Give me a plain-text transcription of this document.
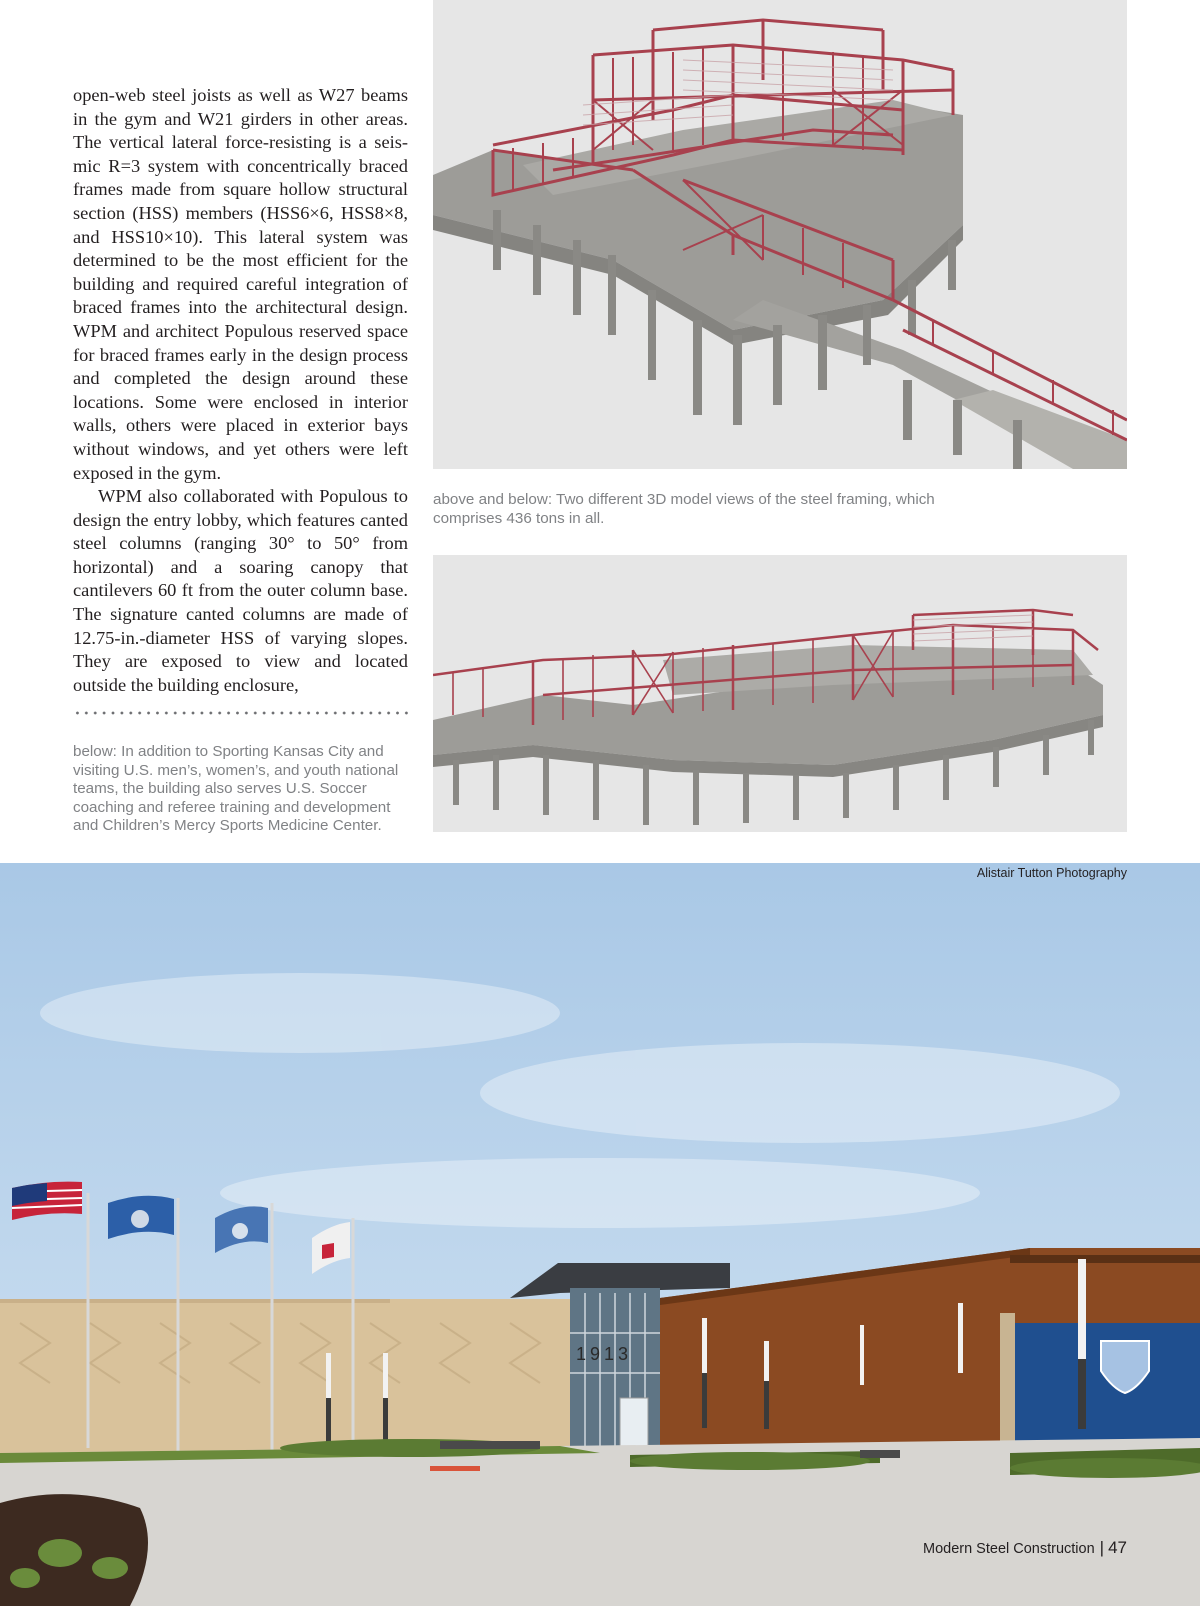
open-web steel joists as well as W27 beams in the gym and W21 girders in other areas. The vertical lateral force-resisting is a seismic R=3 system with concentrically braced frames made from square hollow structural section (HSS) members (HSS6×6, HSS8×8, and HSS10×10). This lateral system was determined to be the most efficient for the building and required careful integration of braced frames into the architectural design. WPM and architect Populous reserved space for braced frames early in the design process and completed the design around these locations. Some were enclosed in interior walls, others were placed in exterior bays without windows, and yet others were left exposed in the gym.

WPM also collaborated with Populous to design the entry lobby, which features canted steel columns (ranging 30° to 50° from horizontal) and a soaring canopy that cantilevers 60 ft from the outer column base. The signature canted columns are made of 12.75-in.-diameter HSS of varying slopes. They are exposed to view and located outside the building enclosure,

below: In addition to Sporting Kansas City and visiting U.S. men’s, women’s, and youth national teams, the building also serves U.S. Soccer coaching and referee training and development and Children’s Mercy Sports Medicine Center.
above and below: Two different 3D model views of the steel framing, which comprises 436 tons in all.
1913
Alistair Tutton Photography
Modern Steel Construction | 47
